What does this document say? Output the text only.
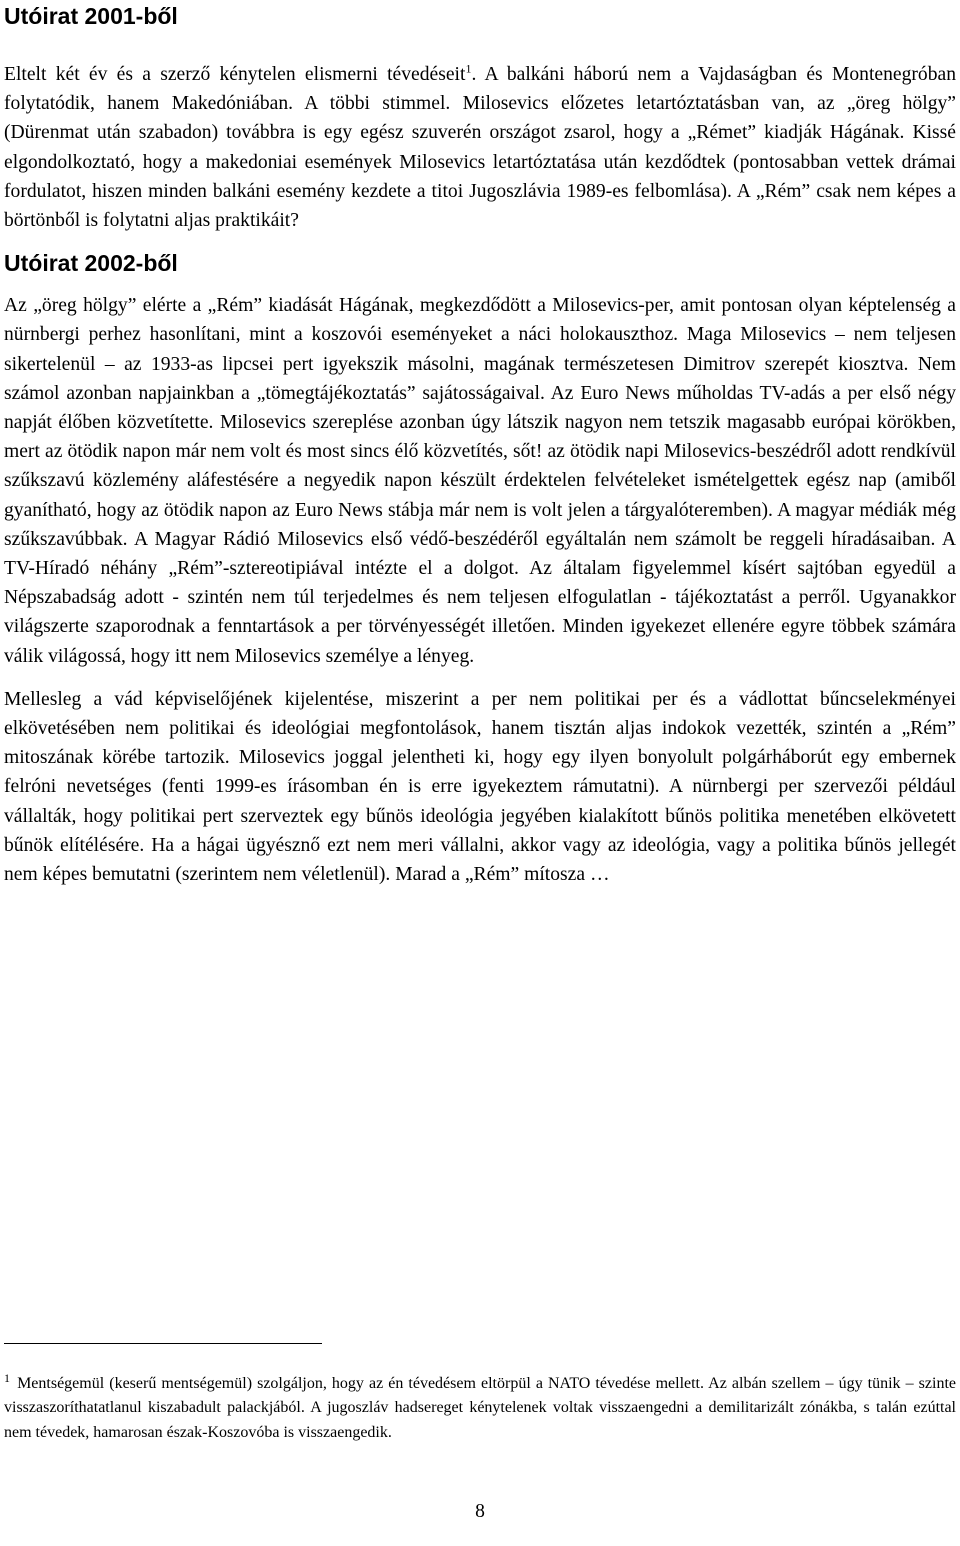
Utóirat 2001-ből

Eltelt két év és a szerző kénytelen elismerni tévedéseit$^1$. A balkáni háború nem a Vajdaságban és Montenegróban folytatódik, hanem Makedóniában. A többi stimmel. Milosevics előzetes letartóztatásban van, az „öreg hölgy” (Dürenmat után szabadon) továbbra is egy egész szuverén országot zsarol, hogy a „Rémet” kiadják Hágának. Kissé elgondolkoztató, hogy a makedoniai események Milosevics letartóztatása után kezdődtek (pontosabban vettek drámai fordulatot, hiszen minden balkáni esemény kezdete a titoi Jugoszlávia 1989-es felbomlása). A „Rém” csak nem képes a börtönből is folytatni aljas praktikáit?

Utóirat 2002-ből

Az „öreg hölgy” elérte a „Rém” kiadását Hágának, megkezdődött a Milosevics-per, amit pontosan olyan képtelenség a nürnbergi perhez hasonlítani, mint a koszovói eseményeket a náci holokauszthoz. Maga Milosevics – nem teljesen sikertelenül – az 1933-as lipcsei pert igyekszik másolni, magának természetesen Dimitrov szerepét kiosztva. Nem számol azonban napjainkban a „tömegtájékoztatás” sajátosságaival. Az Euro News műholdas TV-adás a per első négy napját élőben közvetítette. Milosevics szereplése azonban úgy látszik nagyon nem tetszik magasabb európai körökben, mert az ötödik napon már nem volt és most sincs élő közvetítés, sőt! az ötödik napi Milosevics-beszédről adott rendkívül szűkszavú közlemény aláfestésére a negyedik napon készült érdektelen felvételeket ismételgettek egész nap (amiből gyanítható, hogy az ötödik napon az Euro News stábja már nem is volt jelen a tárgyalóteremben). A magyar médiák még szűkszavúbbak. A Magyar Rádió Milosevics első védő-beszédéről egyáltalán nem számolt be reggeli híradásaiban. A TV-Híradó néhány „Rém”-sztereotipiával intézte el a dolgot. Az általam figyelemmel kísért sajtóban egyedül a Népszabadság adott - szintén nem túl terjedelmes és nem teljesen elfogulatlan - tájékoztatást a perről. Ugyanakkor világszerte szaporodnak a fenntartások a per törvényességét illetően. Minden igyekezet ellenére egyre többek számára válik világossá, hogy itt nem Milosevics személye a lényeg.

Mellesleg a vád képviselőjének kijelentése, miszerint a per nem politikai per és a vádlottat bűncselekményei elkövetésében nem politikai és ideológiai megfontolások, hanem tisztán aljas indokok vezették, szintén a „Rém” mitoszának körébe tartozik. Milosevics joggal jelentheti ki, hogy egy ilyen bonyolult polgárháborút egy embernek felróni nevetséges (fenti 1999-es írásomban én is erre igyekeztem rámutatni). A nürnbergi per szervezői például vállalták, hogy politikai pert szerveztek egy bűnös ideológia jegyében kialakított bűnös politika menetében elkövetett bűnök elítélésére. Ha a hágai ügyésznő ezt nem meri vállalni, akkor vagy az ideológia, vagy a politika bűnös jellegét nem képes bemutatni (szerintem nem véletlenül). Marad a „Rém” mítosza …

$^1$ Mentségemül (keserű mentségemül) szolgáljon, hogy az én tévedésem eltörpül a NATO tévedése mellett. Az albán szellem – úgy tünik – szinte visszaszoríthatatlanul kiszabadult palackjából. A jugoszláv hadsereget kénytelenek voltak visszaengedni a demilitarizált zónákba, s talán ezúttal nem tévedek, hamarosan észak-Koszovóba is visszaengedik.

8
